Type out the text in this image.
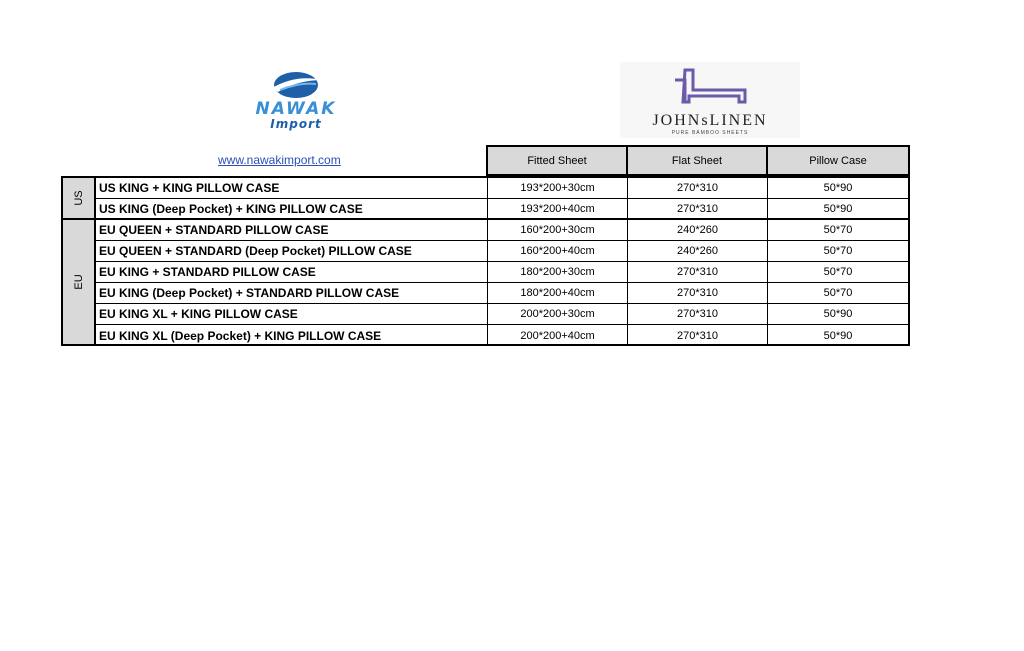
NAWAK
Import	JOHNsLINEN
PURE BAMBOO SHEETS
www.nawakimport.com	Fitted Sheet	Flat Sheet	Pillow Case
US
EU
US KING + KING PILLOW CASE	193*200+30cm	270*310	50*90
US KING (Deep Pocket) + KING PILLOW CASE	193*200+40cm	270*310	50*90
EU QUEEN + STANDARD PILLOW CASE	160*200+30cm	240*260	50*70
EU QUEEN + STANDARD (Deep Pocket) PILLOW CASE	160*200+40cm	240*260	50*70
EU KING + STANDARD PILLOW CASE	180*200+30cm	270*310	50*70
EU KING (Deep Pocket) + STANDARD PILLOW CASE	180*200+40cm	270*310	50*70
EU KING XL + KING PILLOW CASE	200*200+30cm	270*310	50*90
EU KING XL (Deep Pocket) + KING PILLOW CASE	200*200+40cm	270*310	50*90
